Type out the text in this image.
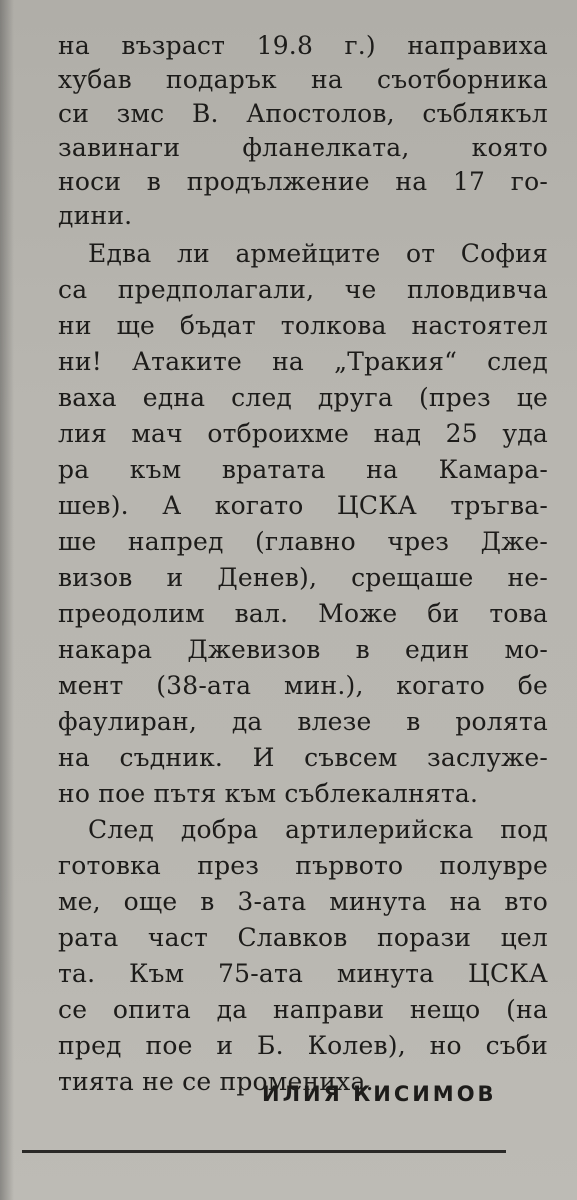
на възраст 19.8 г.) направиха
хубав подарък на съотборника
си змс В. Апостолов, съблякъл
завинаги фланелката, която
носи в продължение на 17 го-
дини.
Едва ли армейците от София
са предполагали, че пловдивча
ни ще бъдат толкова настоятел
ни! Атаките на „Тракия“ след
ваха една след друга (през це
лия мач отброихме над 25 уда
ра към вратата на Камара-
шев). А когато ЦСКА тръгва-
ше напред (главно чрез Дже-
визов и Денев), срещаше не-
преодолим вал. Може би това
накара Джевизов в един мо-
мент (38-ата мин.), когато бе
фаулиран, да влезе в ролята
на съдник. И съвсем заслуже-
но пое пътя към съблекалнята.
След добра артилерийска под
готовка през първото полувре
ме, още в 3-ата минута на вто
рата част Славков порази цел
та. Към 75-ата минута ЦСКА
се опита да направи нещо (на
пред пое и Б. Колев), но съби
тията не се промениха.
ИЛИЯ КИСИМОВ
